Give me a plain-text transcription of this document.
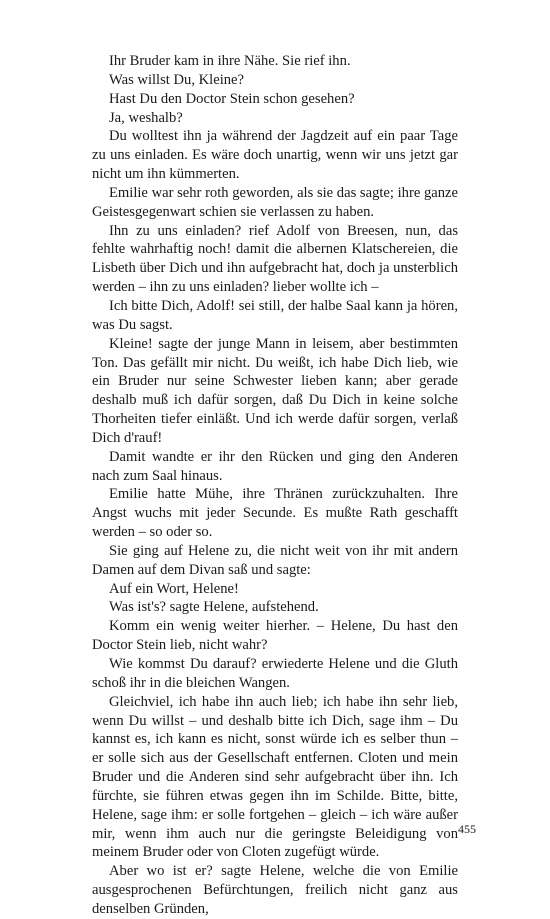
Ihr Bruder kam in ihre Nähe. Sie rief ihn.

Was willst Du, Kleine?

Hast Du den Doctor Stein schon gesehen?

Ja, weshalb?

Du wolltest ihn ja während der Jagdzeit auf ein paar Tage zu uns einladen. Es wäre doch unartig, wenn wir uns jetzt gar nicht um ihn kümmerten.

Emilie war sehr roth geworden, als sie das sagte; ihre ganze Geistesgegenwart schien sie verlassen zu haben.

Ihn zu uns einladen? rief Adolf von Breesen, nun, das fehlte wahrhaftig noch! damit die albernen Klatschereien, die Lisbeth über Dich und ihn aufgebracht hat, doch ja unsterblich werden – ihn zu uns einladen? lieber wollte ich –

Ich bitte Dich, Adolf! sei still, der halbe Saal kann ja hören, was Du sagst.

Kleine! sagte der junge Mann in leisem, aber bestimmten Ton. Das gefällt mir nicht. Du weißt, ich habe Dich lieb, wie ein Bruder nur seine Schwester lieben kann; aber gerade deshalb muß ich dafür sorgen, daß Du Dich in keine solche Thorheiten tiefer einläßt. Und ich werde dafür sorgen, verlaß Dich d'rauf!

Damit wandte er ihr den Rücken und ging den Anderen nach zum Saal hinaus.

Emilie hatte Mühe, ihre Thränen zurückzuhalten. Ihre Angst wuchs mit jeder Secunde. Es mußte Rath geschafft werden – so oder so.

Sie ging auf Helene zu, die nicht weit von ihr mit andern Damen auf dem Divan saß und sagte:

Auf ein Wort, Helene!

Was ist's? sagte Helene, aufstehend.

Komm ein wenig weiter hierher. – Helene, Du hast den Doctor Stein lieb, nicht wahr?

Wie kommst Du darauf? erwiederte Helene und die Gluth schoß ihr in die bleichen Wangen.

Gleichviel, ich habe ihn auch lieb; ich habe ihn sehr lieb, wenn Du willst – und deshalb bitte ich Dich, sage ihm – Du kannst es, ich kann es nicht, sonst würde ich es selber thun – er solle sich aus der Gesellschaft entfernen. Cloten und mein Bruder und die Anderen sind sehr aufgebracht über ihn. Ich fürchte, sie führen etwas gegen ihn im Schilde. Bitte, bitte, Helene, sage ihm: er solle fortgehen – gleich – ich wäre außer mir, wenn ihm auch nur die geringste Beleidigung von meinem Bruder oder von Cloten zugefügt würde.

Aber wo ist er? sagte Helene, welche die von Emilie ausgesprochenen Befürchtungen, freilich nicht ganz aus denselben Gründen,

455
